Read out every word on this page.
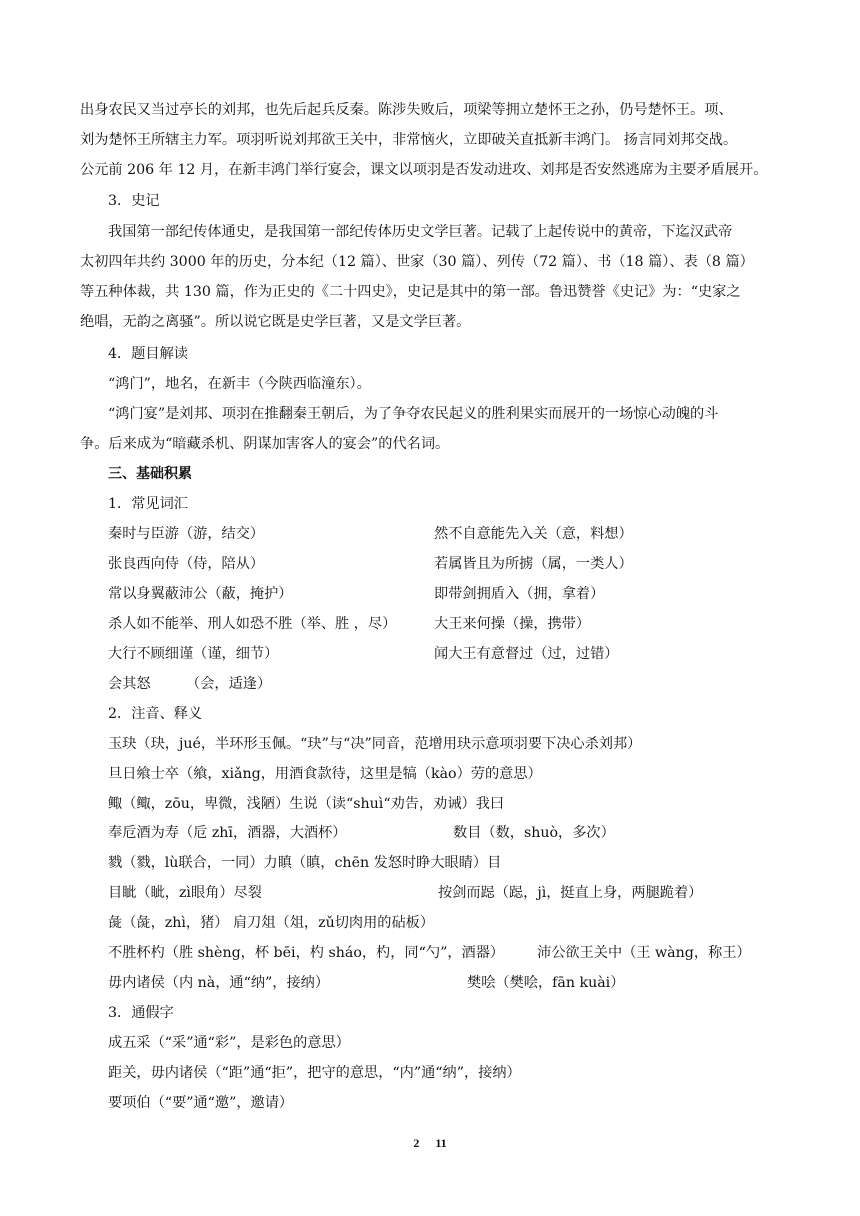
出身农民又当过亭长的刘邦，也先后起兵反秦。陈涉失败后，项梁等拥立楚怀王之孙，仍号楚怀王。项、
刘为楚怀王所辖主力军。项羽听说刘邦欲王关中，非常恼火，立即破关直抵新丰鸿门。 扬言同刘邦交战。
公元前 206 年 12 月，在新丰鸿门举行宴会，课文以项羽是否发动进攻、刘邦是否安然逃席为主要矛盾展开。
3．史记
我国第一部纪传体通史，是我国第一部纪传体历史文学巨著。记载了上起传说中的黄帝，下迄汉武帝
太初四年共约 3000 年的历史，分本纪（12 篇）、世家（30 篇）、列传（72 篇）、书（18 篇）、表（8 篇）
等五种体裁，共 130 篇，作为正史的《二十四史》，史记是其中的第一部。鲁迅赞誉《史记》为：“史家之
绝唱，无韵之离骚”。所以说它既是史学巨著，又是文学巨著。
4．题目解读
“鸿门”，地名，在新丰（今陕西临潼东）。
“鸿门宴”是刘邦、项羽在推翻秦王朝后，为了争夺农民起义的胜利果实而展开的一场惊心动魄的斗
争。后来成为“暗藏杀机、阴谋加害客人的宴会”的代名词。
三、基础积累
1．常见词汇
秦时与臣游（游，结交）	然不自意能先入关（意，料想）
张良西向侍（侍，陪从）	若属皆且为所掳（属，一类人）
常以身翼蔽沛公（蔽，掩护）	即带剑拥盾入（拥，拿着）
杀人如不能举、刑人如恐不胜（举、胜 ，尽）	大王来何操（操，携带）
大行不顾细谨（谨，细节）	闻大王有意督过（过，过错）
会其怒　　　（会，适逢）
2．注音、释义
玉玦（玦，jué，半环形玉佩。“玦”与“决”同音，范增用玦示意项羽要下决心杀刘邦）
旦日飨士卒（飨，xiǎng，用酒食款待，这里是犒（kào）劳的意思）
鲰（鲰，zōu，卑微，浅陋）生说（读“shuì“劝告，劝诫）我曰
奉卮酒为寿（卮 zhī，酒器，大酒杯）	数目（数，shuò，多次）
戮（戮，lù联合，一同）力瞋（瞋，chēn 发怒时睁大眼睛）目
目眦（眦，zì眼角）尽裂	按剑而跽（跽，jì，挺直上身，两腿跪着）
彘（彘，zhì，猪） 肩刀俎（俎，zǔ切肉用的砧板）
不胜杯杓（胜 shèng，杯 bēi，杓 sháo，杓，同“勺”，酒器）	沛公欲王关中（王 wàng，称王）
毋内诸侯（内 nà，通“纳”，接纳）	樊哙（樊哙，fān kuài）
3．通假字
成五采（“采”通“彩”，是彩色的意思）
距关，毋内诸侯（“距”通“拒”，把守的意思，“内”通“纳”，接纳）
要项伯（“要”通“邀”，邀请）
2 11
